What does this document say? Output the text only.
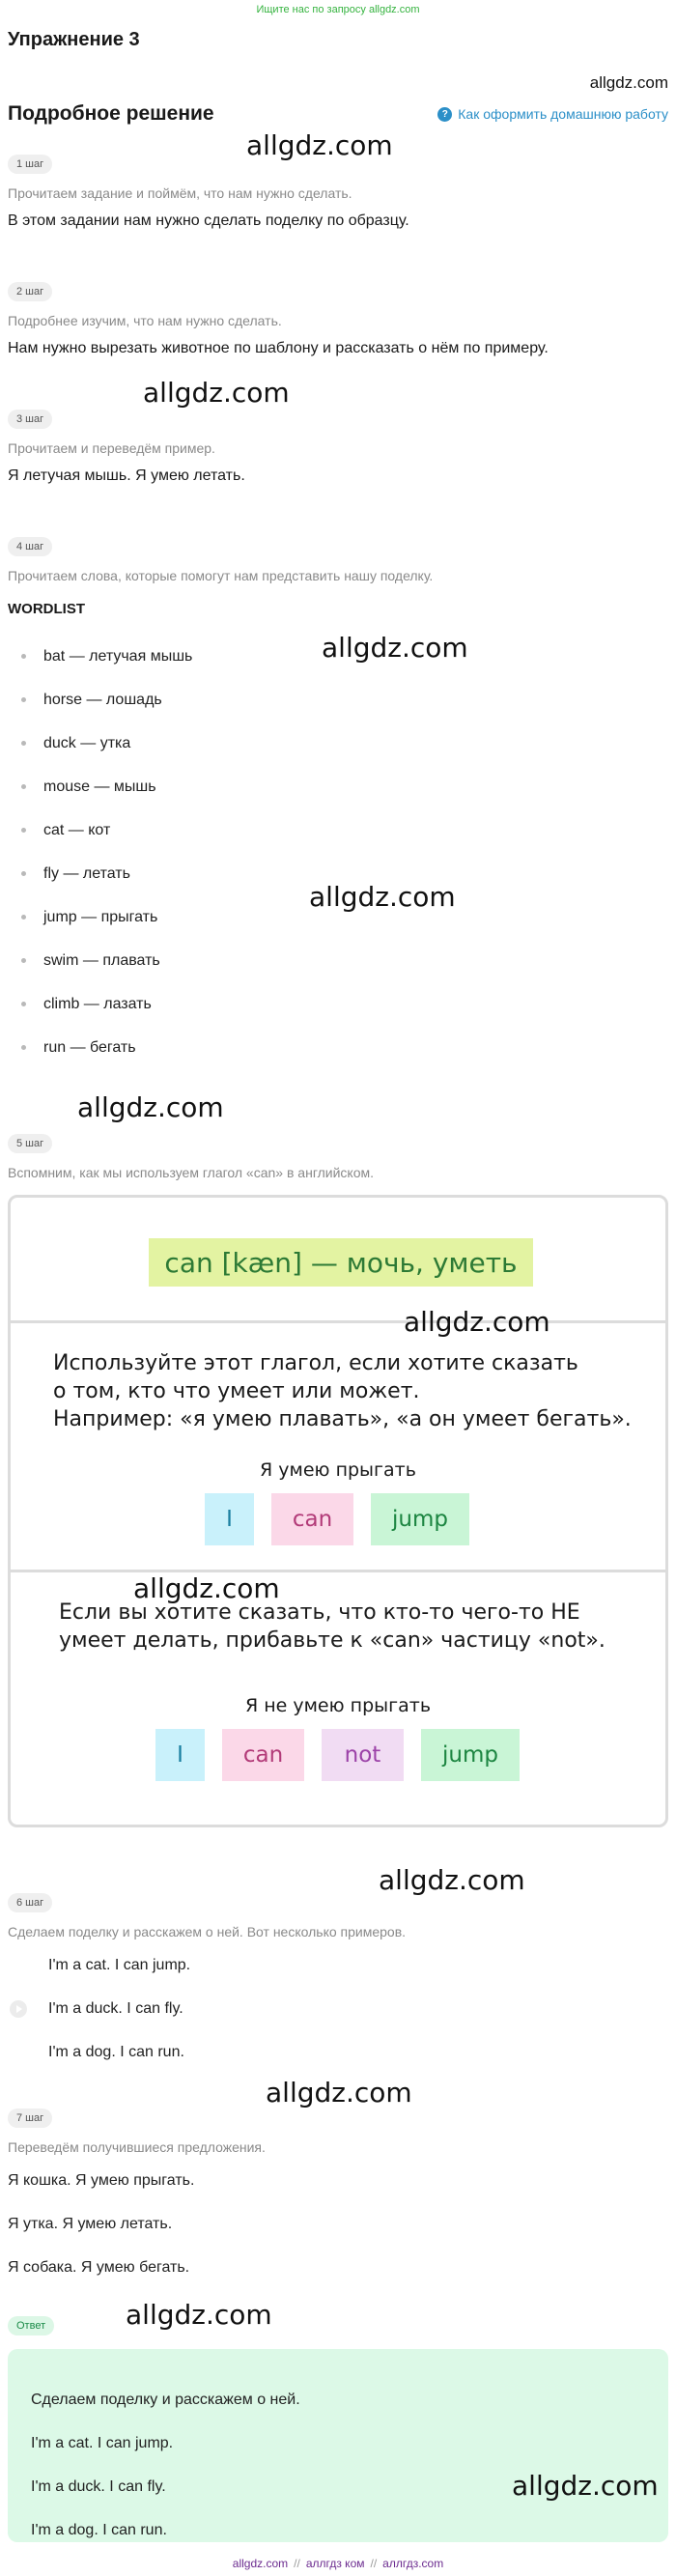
Ищите нас по запросу allgdz.com
Упражнение 3
allgdz.com
Подробное решение	? Как оформить домашнюю работу
allgdz.com
allgdz.com
allgdz.com
allgdz.com
allgdz.com
allgdz.com
allgdz.com
allgdz.com
allgdz.com
allgdz.com
allgdz.com
1 шаг
Прочитаем задание и поймём, что нам нужно сделать.
В этом задании нам нужно сделать поделку по образцу.
2 шаг
Подробнее изучим, что нам нужно сделать.
Нам нужно вырезать животное по шаблону и рассказать о нём по примеру.
3 шаг
Прочитаем и переведём пример.
Я летучая мышь. Я умею летать.
4 шаг
Прочитаем слова, которые помогут нам представить нашу поделку.
WORDLIST
bat — летучая мышь
horse — лошадь
duck — утка
mouse — мышь
cat — кот
fly — летать
jump — прыгать
swim — плавать
climb — лазать
run — бегать
5 шаг
Вспомним, как мы используем глагол «can» в английском.
can [kæn] — мочь, уметь
Используйте этот глагол, если хотите сказать
о том, кто что умеет или может.
Например: «я умею плавать», «а он умеет бегать».
Я умею прыгать
I	can	jump
Если вы хотите сказать, что кто-то чего-то НЕ
умеет делать, прибавьте к «can» частицу «not».
Я не умею прыгать
I	can	not	jump
6 шаг
Сделаем поделку и расскажем о ней. Вот несколько примеров.
I'm a cat. I can jump.
I'm a duck. I can fly.
I'm a dog. I can run.
7 шаг
Переведём получившиеся предложения.
Я кошка. Я умею прыгать.
Я утка. Я умею летать.
Я собака. Я умею бегать.
Ответ
Сделаем поделку и расскажем о ней.
I'm a cat. I can jump.
I'm a duck. I can fly.
I'm a dog. I can run.
allgdz.com // аллгдз ком // аллгдз.com
